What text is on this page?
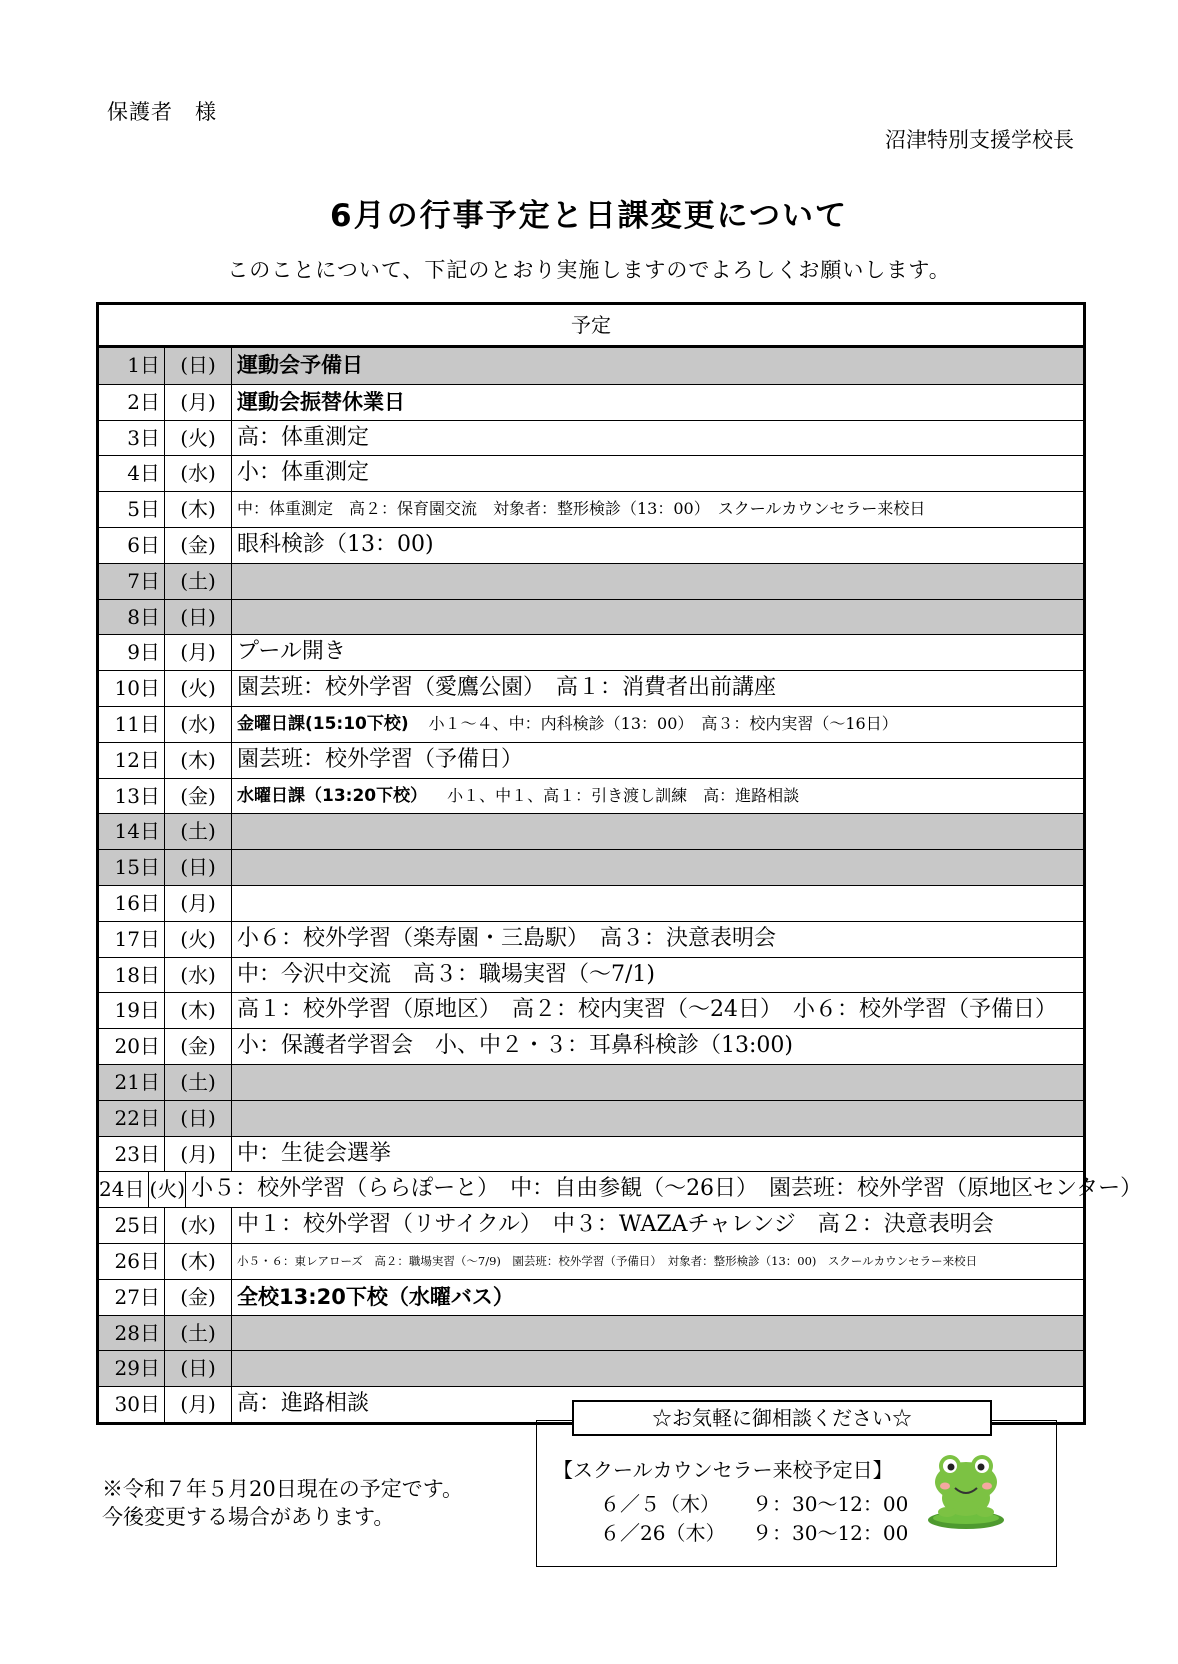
保護者　様
沼津特別支援学校長
6月の行事予定と日課変更について
このことについて、下記のとおり実施しますのでよろしくお願いします。
予定
1日	(日)	運動会予備日
2日	(月)	運動会振替休業日
3日	(火) 高：体重測定
4日	(水) 小：体重測定
5日	(木)	中：体重測定　高２：保育園交流　対象者：整形検診（13：00）　スクールカウンセラー来校日
6日	(金) 眼科検診（13：00)
7日	(土)
8日	(日)
9日	(月) プール開き
10日	(火) 園芸班：校外学習（愛鷹公園）　高１：消費者出前講座
11日	(水)	金曜日課(15:10下校) 小１～４、中：内科検診（13：00）　高３：校内実習（～16日）
12日	(木) 園芸班：校外学習（予備日）
13日	(金)	水曜日課（13:20下校） 小１、中１、高１：引き渡し訓練　高：進路相談
14日	(土)
15日	(日)
16日	(月)
17日	(火) 小６：校外学習（楽寿園・三島駅）　高３：決意表明会
18日	(水) 中：今沢中交流　高３：職場実習（～7/1)
19日	(木) 高１：校外学習（原地区）　高２：校内実習（～24日）　小６：校外学習（予備日）
20日	(金) 小：保護者学習会　小、中２・３：耳鼻科検診（13:00)
21日	(土)
22日	(日)
23日	(月) 中：生徒会選挙
24日 (火) 小５：校外学習（ららぽーと）　中：自由参観（～26日）　園芸班：校外学習（原地区センター）
25日	(水) 中１：校外学習（リサイクル）　中３：WAZAチャレンジ　高２：決意表明会
26日	(木)	小５・６：東レアローズ　高２：職場実習（～7/9)　園芸班：校外学習（予備日）　対象者：整形検診（13：00)　スクールカウンセラー来校日
27日	(金)	全校13:20下校（水曜バス）
28日	(土)
29日	(日)
30日	(月) 高：進路相談
※令和７年５月20日現在の予定です。
今後変更する場合があります。
☆お気軽に御相談ください☆
【スクールカウンセラー来校予定日】
６／５（木） ９：30～12：00
６／26（木） ９：30～12：00
